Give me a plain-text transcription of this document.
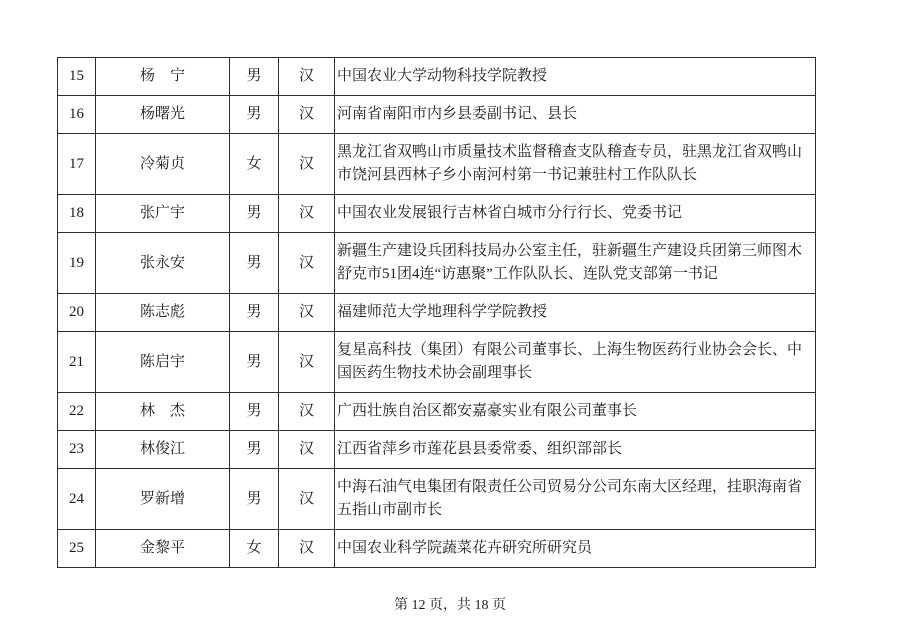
15	杨　宁	男	汉	中国农业大学动物科技学院教授
16	杨曙光	男	汉	河南省南阳市内乡县委副书记、县长
17	冷菊贞	女	汉	黑龙江省双鸭山市质量技术监督稽查支队稽查专员，驻黑龙江省双鸭山市饶河县西林子乡小南河村第一书记兼驻村工作队队长
18	张广宇	男	汉	中国农业发展银行吉林省白城市分行行长、党委书记
19	张永安	男	汉	新疆生产建设兵团科技局办公室主任，驻新疆生产建设兵团第三师图木舒克市51团4连“访惠聚”工作队队长、连队党支部第一书记
20	陈志彪	男	汉	福建师范大学地理科学学院教授
21	陈启宇	男	汉	复星高科技（集团）有限公司董事长、上海生物医药行业协会会长、中国医药生物技术协会副理事长
22	林　杰	男	汉	广西壮族自治区都安嘉豪实业有限公司董事长
23	林俊江	男	汉	江西省萍乡市莲花县县委常委、组织部部长
24	罗新增	男	汉	中海石油气电集团有限责任公司贸易分公司东南大区经理，挂职海南省五指山市副市长
25	金黎平	女	汉	中国农业科学院蔬菜花卉研究所研究员
第 12 页，共 18 页
